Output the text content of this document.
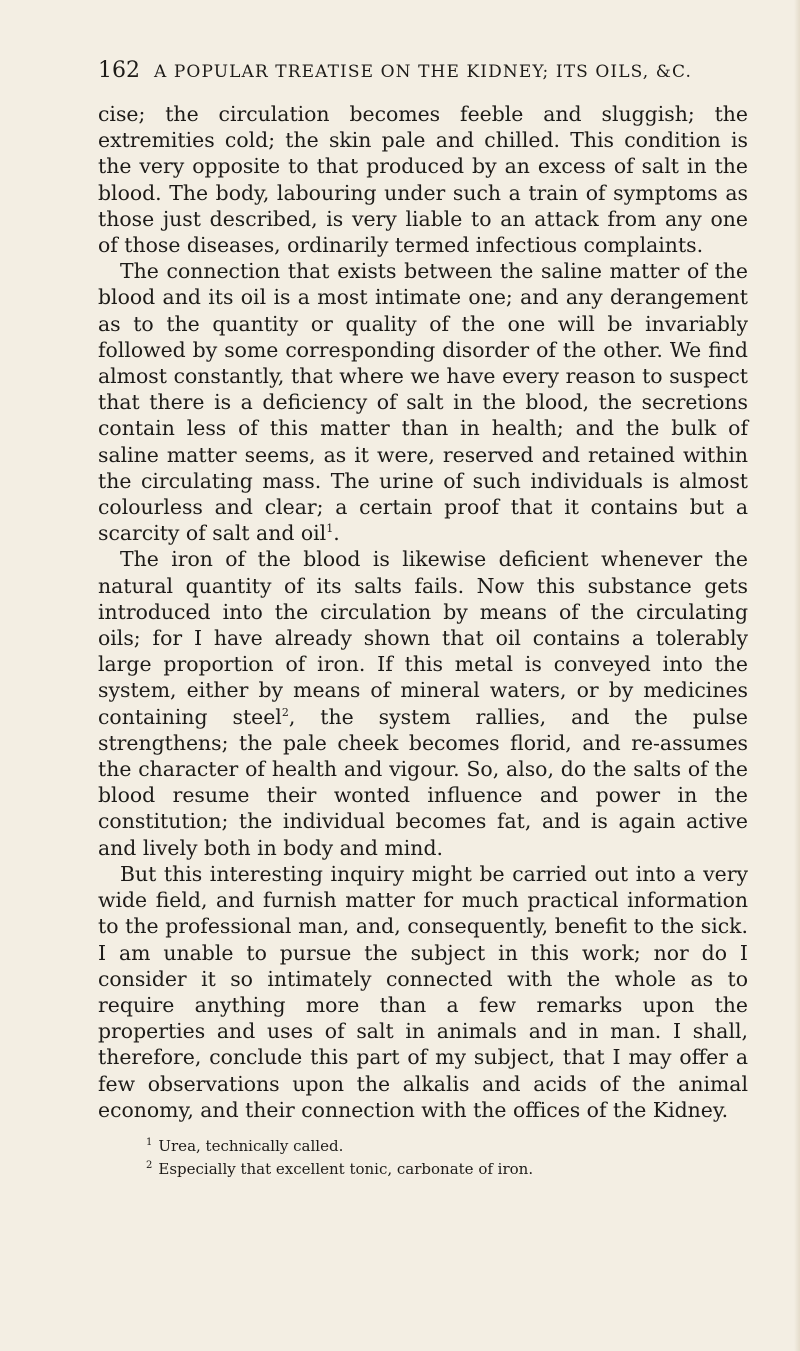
162 A POPULAR TREATISE ON THE KIDNEY; ITS OILS, &C.

cise; the circulation becomes feeble and sluggish; the extremities cold; the skin pale and chilled. This condition is the very opposite to that produced by an excess of salt in the blood. The body, labouring under such a train of symptoms as those just described, is very liable to an attack from any one of those diseases, ordinarily termed infectious complaints.

The connection that exists between the saline matter of the blood and its oil is a most intimate one; and any derangement as to the quantity or quality of the one will be invariably followed by some corresponding disorder of the other. We find almost constantly, that where we have every reason to suspect that there is a deficiency of salt in the blood, the secretions contain less of this matter than in health; and the bulk of saline matter seems, as it were, reserved and retained within the circulating mass. The urine of such individuals is almost colourless and clear; a certain proof that it contains but a scarcity of salt and oil$^1$.

The iron of the blood is likewise deficient whenever the natural quantity of its salts fails. Now this substance gets introduced into the circulation by means of the circulating oils; for I have already shown that oil contains a tolerably large proportion of iron. If this metal is conveyed into the system, either by means of mineral waters, or by medicines containing steel$^2$, the system rallies, and the pulse strengthens; the pale cheek becomes florid, and re-assumes the character of health and vigour. So, also, do the salts of the blood resume their wonted influence and power in the constitution; the individual becomes fat, and is again active and lively both in body and mind.

But this interesting inquiry might be carried out into a very wide field, and furnish matter for much practical information to the professional man, and, consequently, benefit to the sick. I am unable to pursue the subject in this work; nor do I consider it so intimately connected with the whole as to require anything more than a few remarks upon the properties and uses of salt in animals and in man. I shall, therefore, conclude this part of my subject, that I may offer a few observations upon the alkalis and acids of the animal economy, and their connection with the offices of the Kidney.

$^1$ Urea, technically called.
$^2$ Especially that excellent tonic, carbonate of iron.
